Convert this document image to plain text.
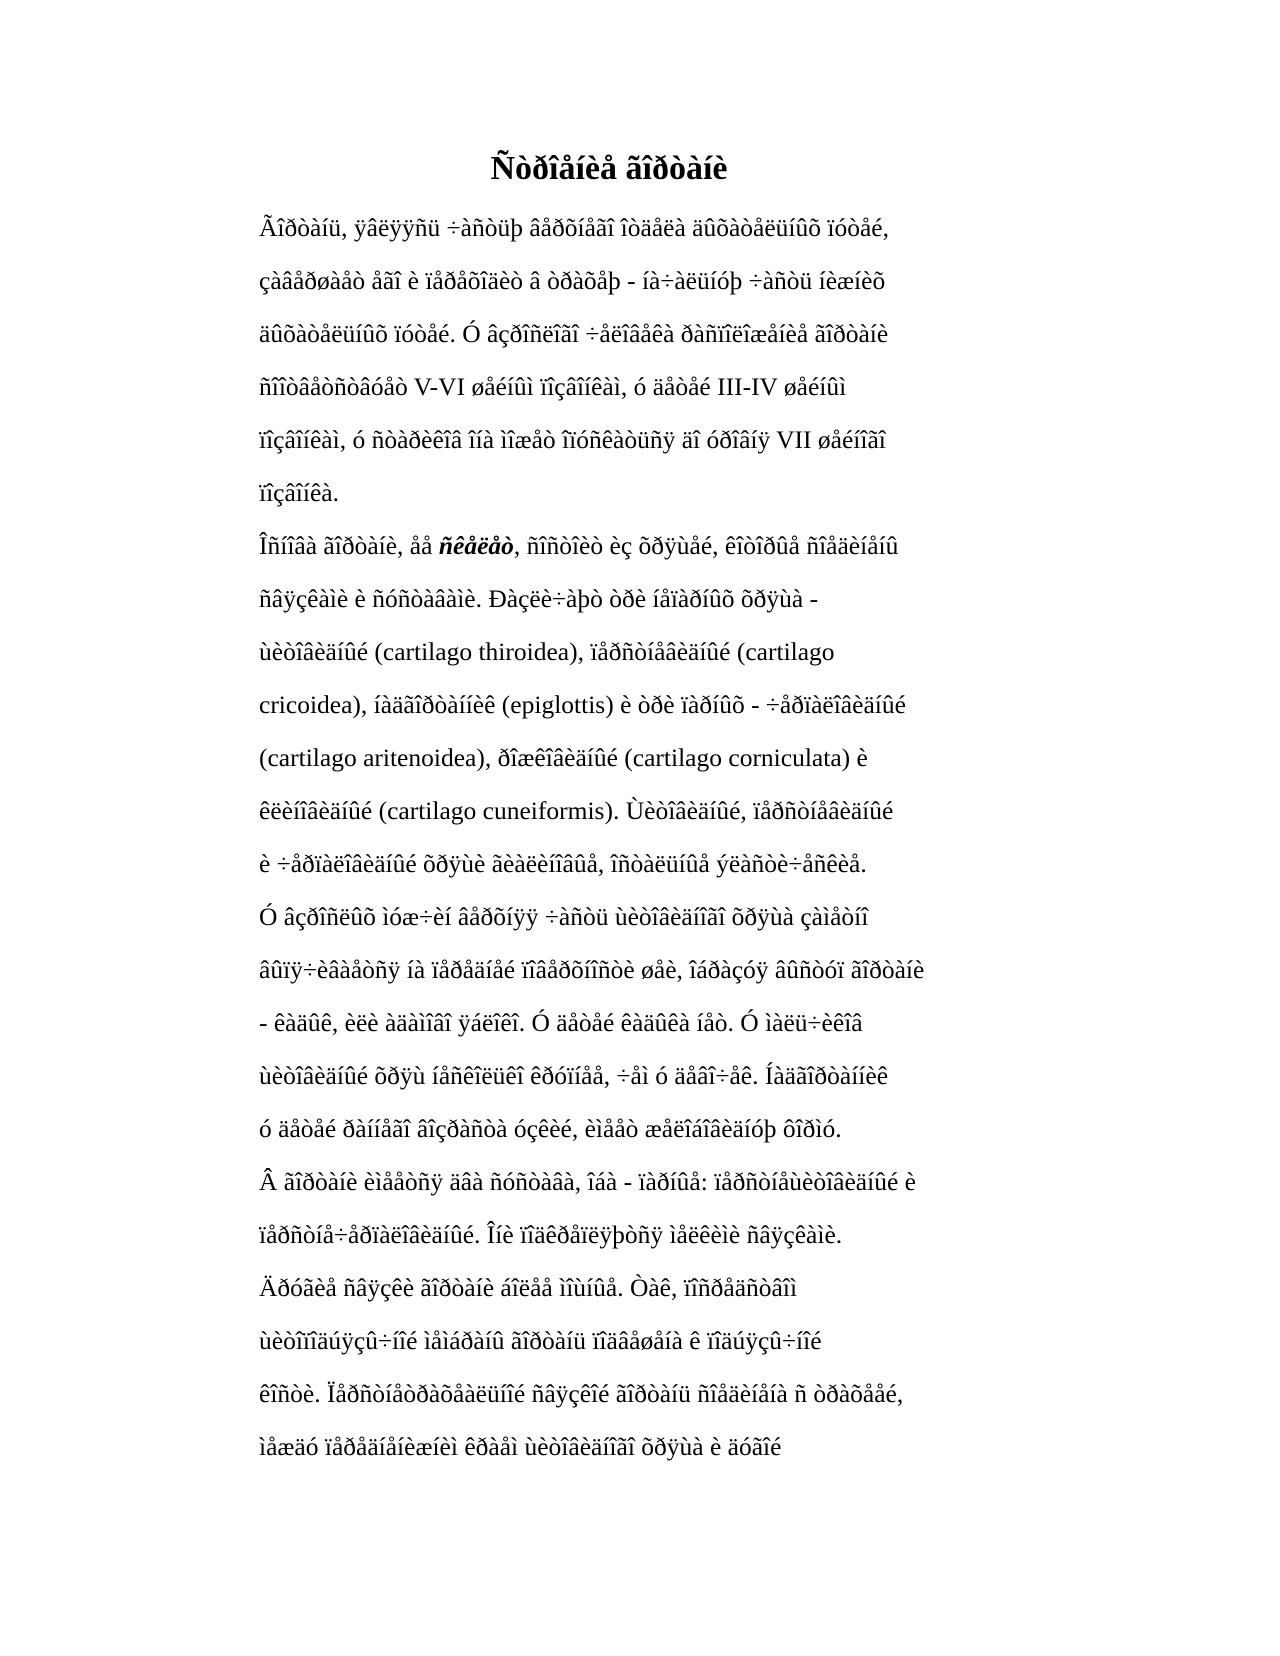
Ñòðîåíèå ãîðòàíè
Ãîðòàíü, ÿâëÿÿñü ÷àñòüþ âåðõíåãî îòäåëà äûõàòåëüíûõ ïóòåé,
çàâåðøàåò åãî è ïåðåõîäèò â òðàõåþ - íà÷àëüíóþ ÷àñòü íèæíèõ
äûõàòåëüíûõ ïóòåé. Ó âçðîñëîãî ÷åëîâåêà ðàñïîëîæåíèå ãîðòàíè
ñîîòâåòñòâóåò V-VI øåéíûì ïîçâîíêàì, ó äåòåé III-IV øåéíûì
ïîçâîíêàì, ó ñòàðèêîâ îíà ìîæåò îïóñêàòüñÿ äî óðîâíÿ VII øåéíîãî
ïîçâîíêà.
Îñíîâà ãîðòàíè, åå ñêåëåò, ñîñòîèò èç õðÿùåé, êîòîðûå ñîåäèíåíû
ñâÿçêàìè è ñóñòàâàìè. Ðàçëè÷àþò òðè íåïàðíûõ õðÿùà -
ùèòîâèäíûé (cartilago thiroidea), ïåðñòíåâèäíûé (cartilago
cricoidea), íàäãîðòàííèê (epiglottis) è òðè ïàðíûõ - ÷åðïàëîâèäíûé
(cartilago aritenoidea), ðîæêîâèäíûé (cartilago corniculata) è
êëèíîâèäíûé (cartilago cuneiformis). Ùèòîâèäíûé, ïåðñòíåâèäíûé
è ÷åðïàëîâèäíûé õðÿùè ãèàëèíîâûå, îñòàëüíûå ýëàñòè÷åñêèå.
Ó âçðîñëûõ ìóæ÷èí âåðõíÿÿ ÷àñòü ùèòîâèäíîãî õðÿùà çàìåòíî
âûïÿ÷èâàåòñÿ íà ïåðåäíåé ïîâåðõíîñòè øåè, îáðàçóÿ âûñòóï ãîðòàíè
- êàäûê, èëè àäàìîâî ÿáëîêî. Ó äåòåé êàäûêà íåò. Ó ìàëü÷èêîâ
ùèòîâèäíûé õðÿù íåñêîëüêî êðóïíåå, ÷åì ó äåâî÷åê. Íàäãîðòàííèê
ó äåòåé ðàííåãî âîçðàñòà óçêèé, èìååò æåëîáîâèäíóþ ôîðìó.
Â ãîðòàíè èìååòñÿ äâà ñóñòàâà, îáà - ïàðíûå: ïåðñòíåùèòîâèäíûé è
ïåðñòíå÷åðïàëîâèäíûé. Îíè ïîäêðåïëÿþòñÿ ìåëêèìè ñâÿçêàìè.
Äðóãèå ñâÿçêè ãîðòàíè áîëåå ìîùíûå. Òàê, ïîñðåäñòâîì
ùèòîïîäúÿçû÷íîé ìåìáðàíû ãîðòàíü ïîäâåøåíà ê ïîäúÿçû÷íîé
êîñòè. Ïåðñòíåòðàõåàëüíîé ñâÿçêîé ãîðòàíü ñîåäèíåíà ñ òðàõååé,
ìåæäó ïåðåäíåíèæíèì êðàåì ùèòîâèäíîãî õðÿùà è äóãîé
